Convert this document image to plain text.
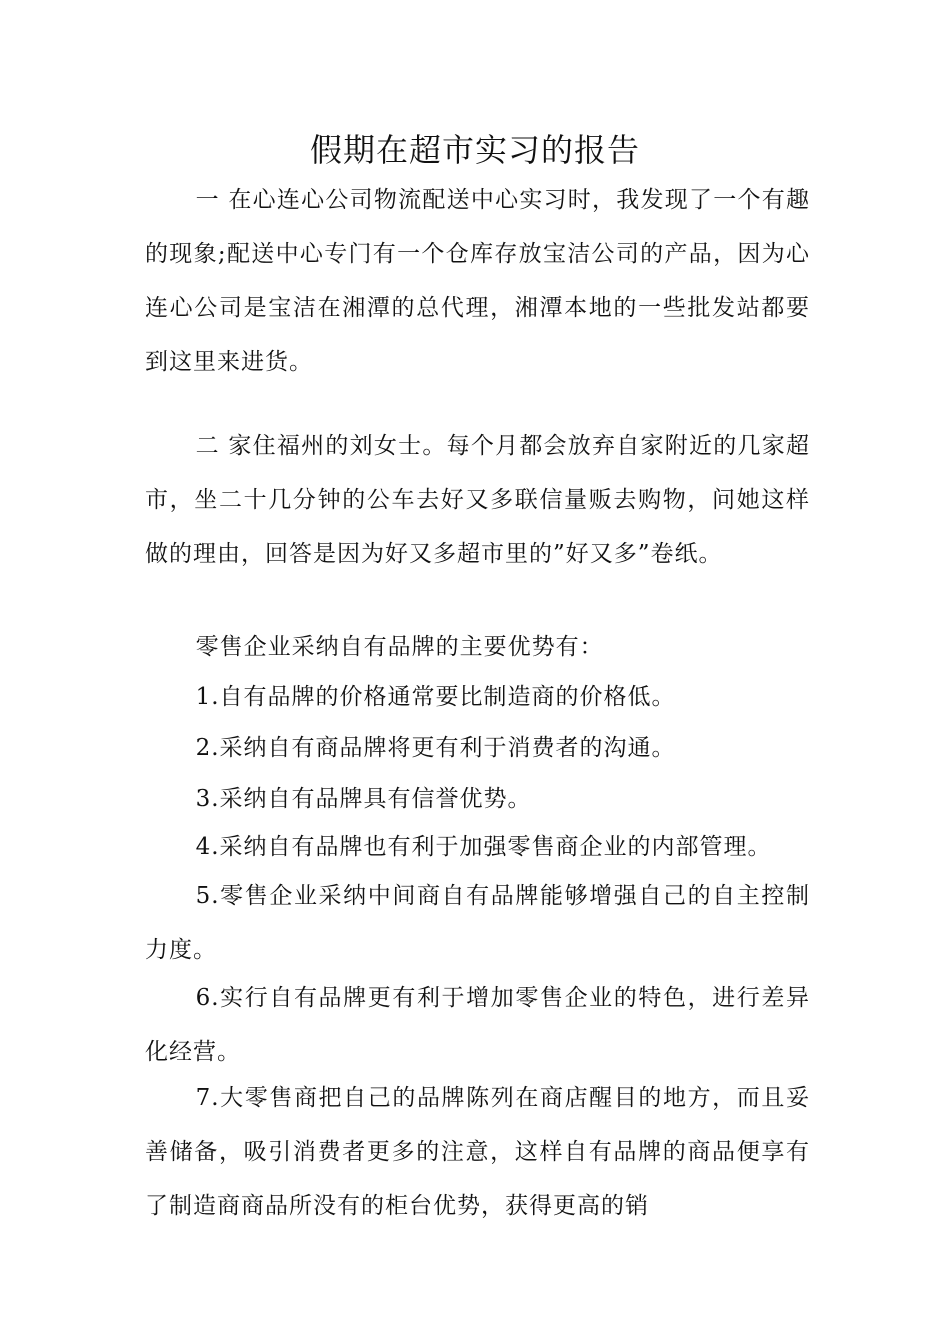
假期在超市实习的报告

一 在心连心公司物流配送中心实习时，我发现了一个有趣的现象;配送中心专门有一个仓库存放宝洁公司的产品，因为心连心公司是宝洁在湘潭的总代理，湘潭本地的一些批发站都要到这里来进货。

二 家住福州的刘女士。每个月都会放弃自家附近的几家超市，坐二十几分钟的公车去好又多联信量贩去购物，问她这样做的理由，回答是因为好又多超市里的”好又多”卷纸。

零售企业采纳自有品牌的主要优势有：

1.自有品牌的价格通常要比制造商的价格低。

2.采纳自有商品牌将更有利于消费者的沟通。

3.采纳自有品牌具有信誉优势。

4.采纳自有品牌也有利于加强零售商企业的内部管理。

5.零售企业采纳中间商自有品牌能够增强自己的自主控制力度。

6.实行自有品牌更有利于增加零售企业的特色，进行差异化经营。

7.大零售商把自己的品牌陈列在商店醒目的地方，而且妥善储备，吸引消费者更多的注意，这样自有品牌的商品便享有了制造商商品所没有的柜台优势，获得更高的销
